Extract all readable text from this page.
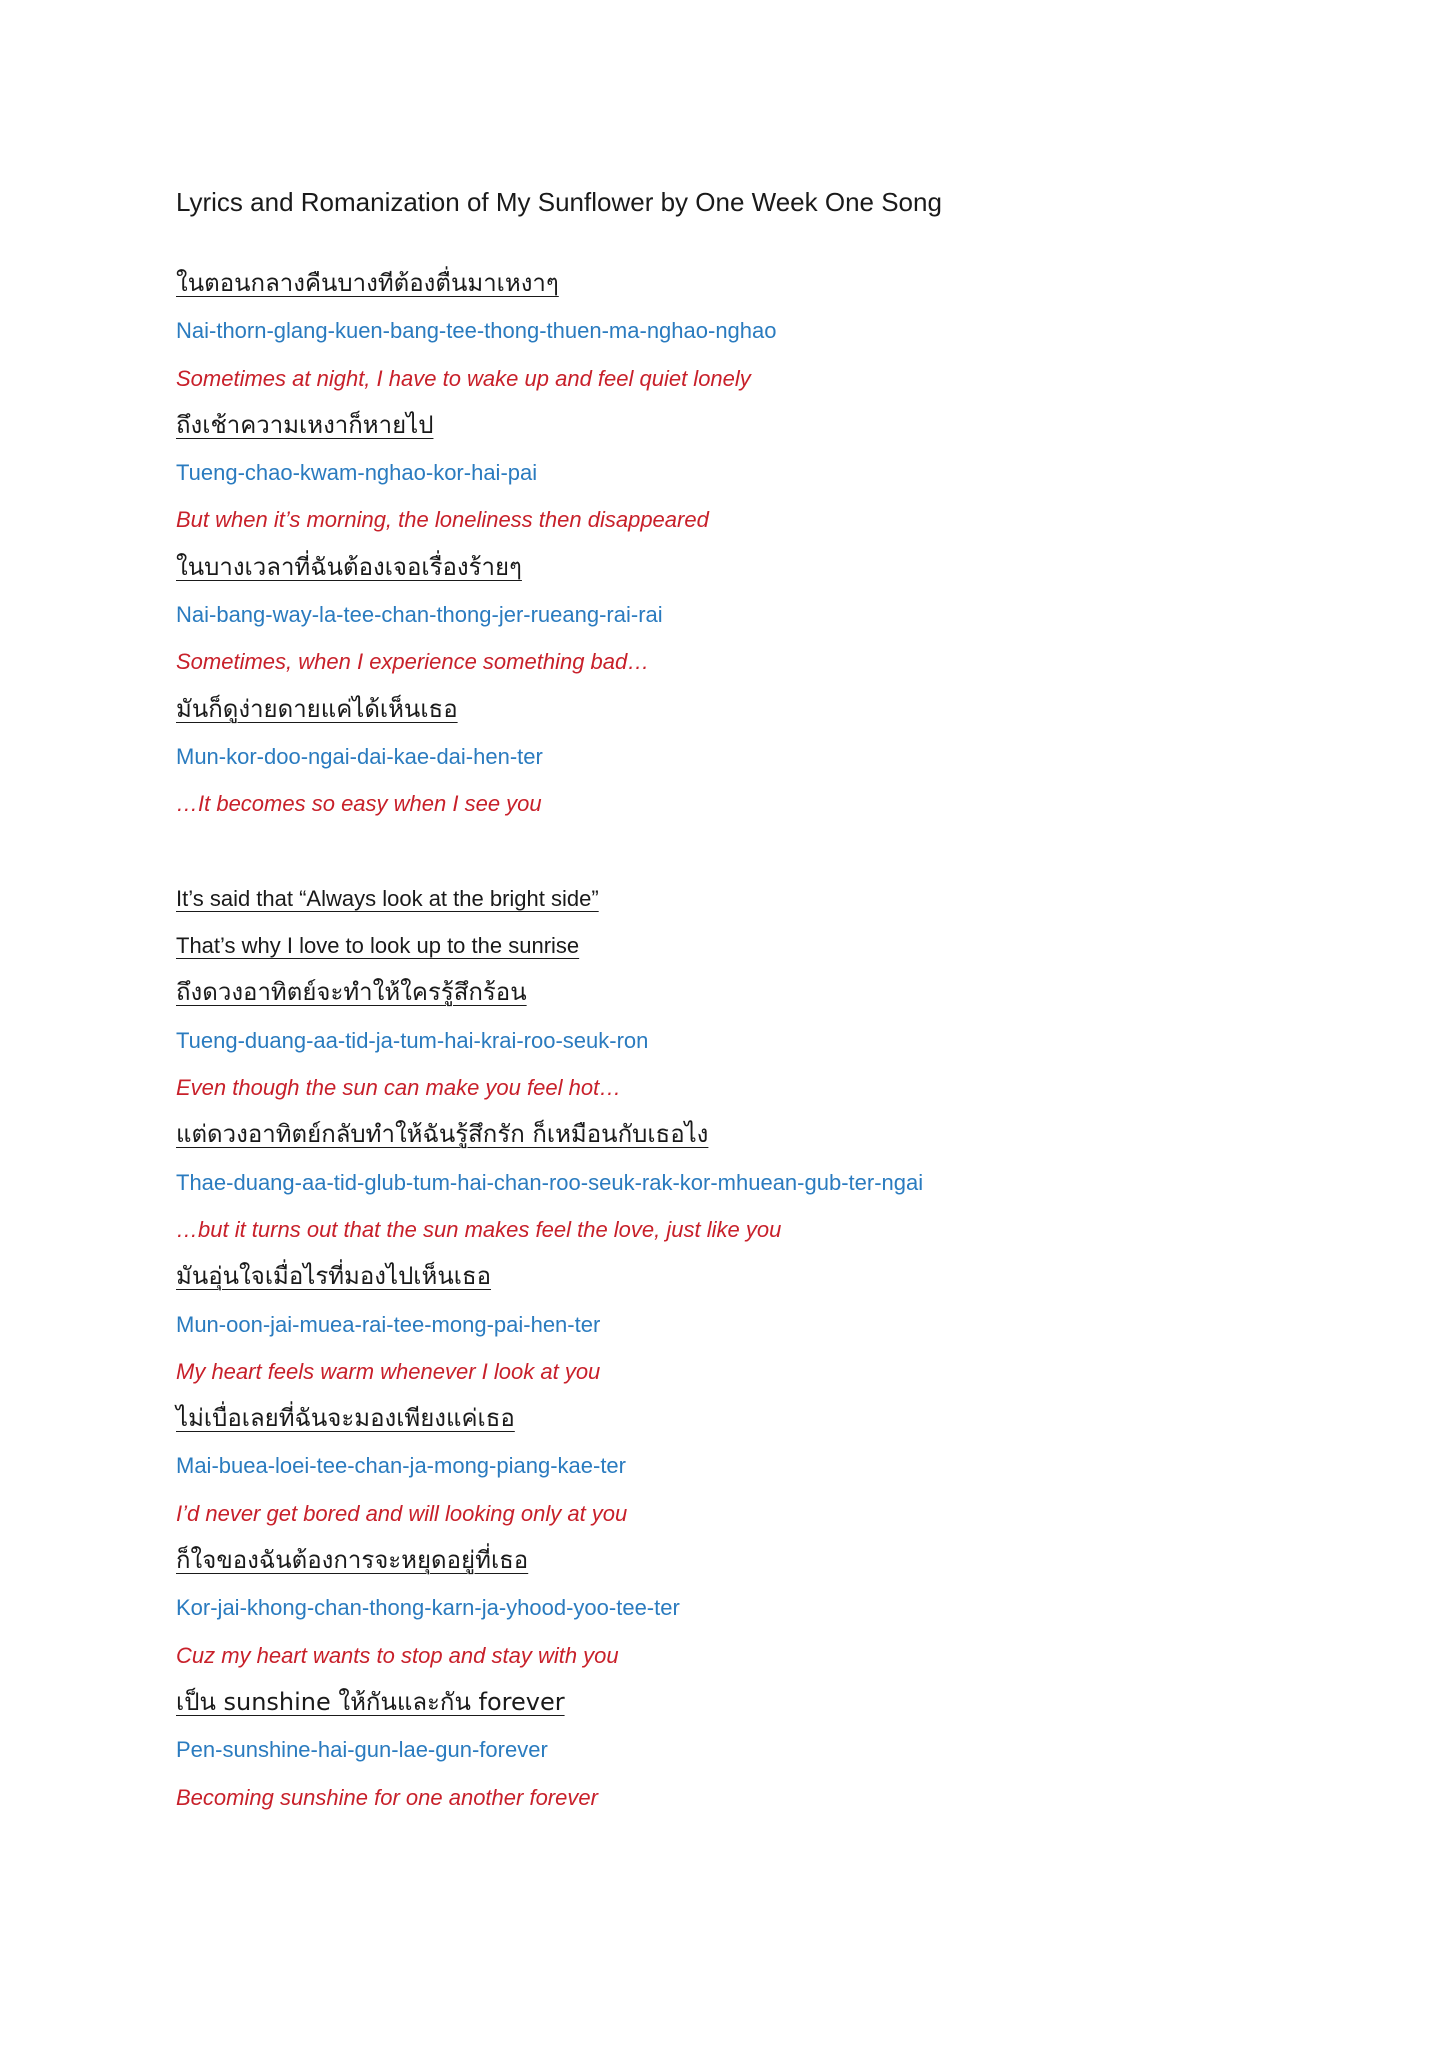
Lyrics and Romanization of My Sunflower by One Week One Song
ในตอนกลางคืนบางทีต้องตื่นมาเหงาๆ
Nai-thorn-glang-kuen-bang-tee-thong-thuen-ma-nghao-nghao
Sometimes at night, I have to wake up and feel quiet lonely
ถึงเช้าความเหงาก็หายไป
Tueng-chao-kwam-nghao-kor-hai-pai
But when it’s morning, the loneliness then disappeared
ในบางเวลาที่ฉันต้องเจอเรื่องร้ายๆ
Nai-bang-way-la-tee-chan-thong-jer-rueang-rai-rai
Sometimes, when I experience something bad…
มันก็ดูง่ายดายแค่ได้เห็นเธอ
Mun-kor-doo-ngai-dai-kae-dai-hen-ter
…It becomes so easy when I see you
It’s said that “Always look at the bright side”
That’s why I love to look up to the sunrise
ถึงดวงอาทิตย์จะทำให้ใครรู้สึกร้อน
Tueng-duang-aa-tid-ja-tum-hai-krai-roo-seuk-ron
Even though the sun can make you feel hot…
แต่ดวงอาทิตย์กลับทำให้ฉันรู้สึกรัก ก็เหมือนกับเธอไง
Thae-duang-aa-tid-glub-tum-hai-chan-roo-seuk-rak-kor-mhuean-gub-ter-ngai
…but it turns out that the sun makes feel the love, just like you
มันอุ่นใจเมื่อไรที่มองไปเห็นเธอ
Mun-oon-jai-muea-rai-tee-mong-pai-hen-ter
My heart feels warm whenever I look at you
ไม่เบื่อเลยที่ฉันจะมองเพียงแค่เธอ
Mai-buea-loei-tee-chan-ja-mong-piang-kae-ter
I’d never get bored and will looking only at you
ก็ใจของฉันต้องการจะหยุดอยู่ที่เธอ
Kor-jai-khong-chan-thong-karn-ja-yhood-yoo-tee-ter
Cuz my heart wants to stop and stay with you
เป็น sunshine ให้กันและกัน forever
Pen-sunshine-hai-gun-lae-gun-forever
Becoming sunshine for one another forever
